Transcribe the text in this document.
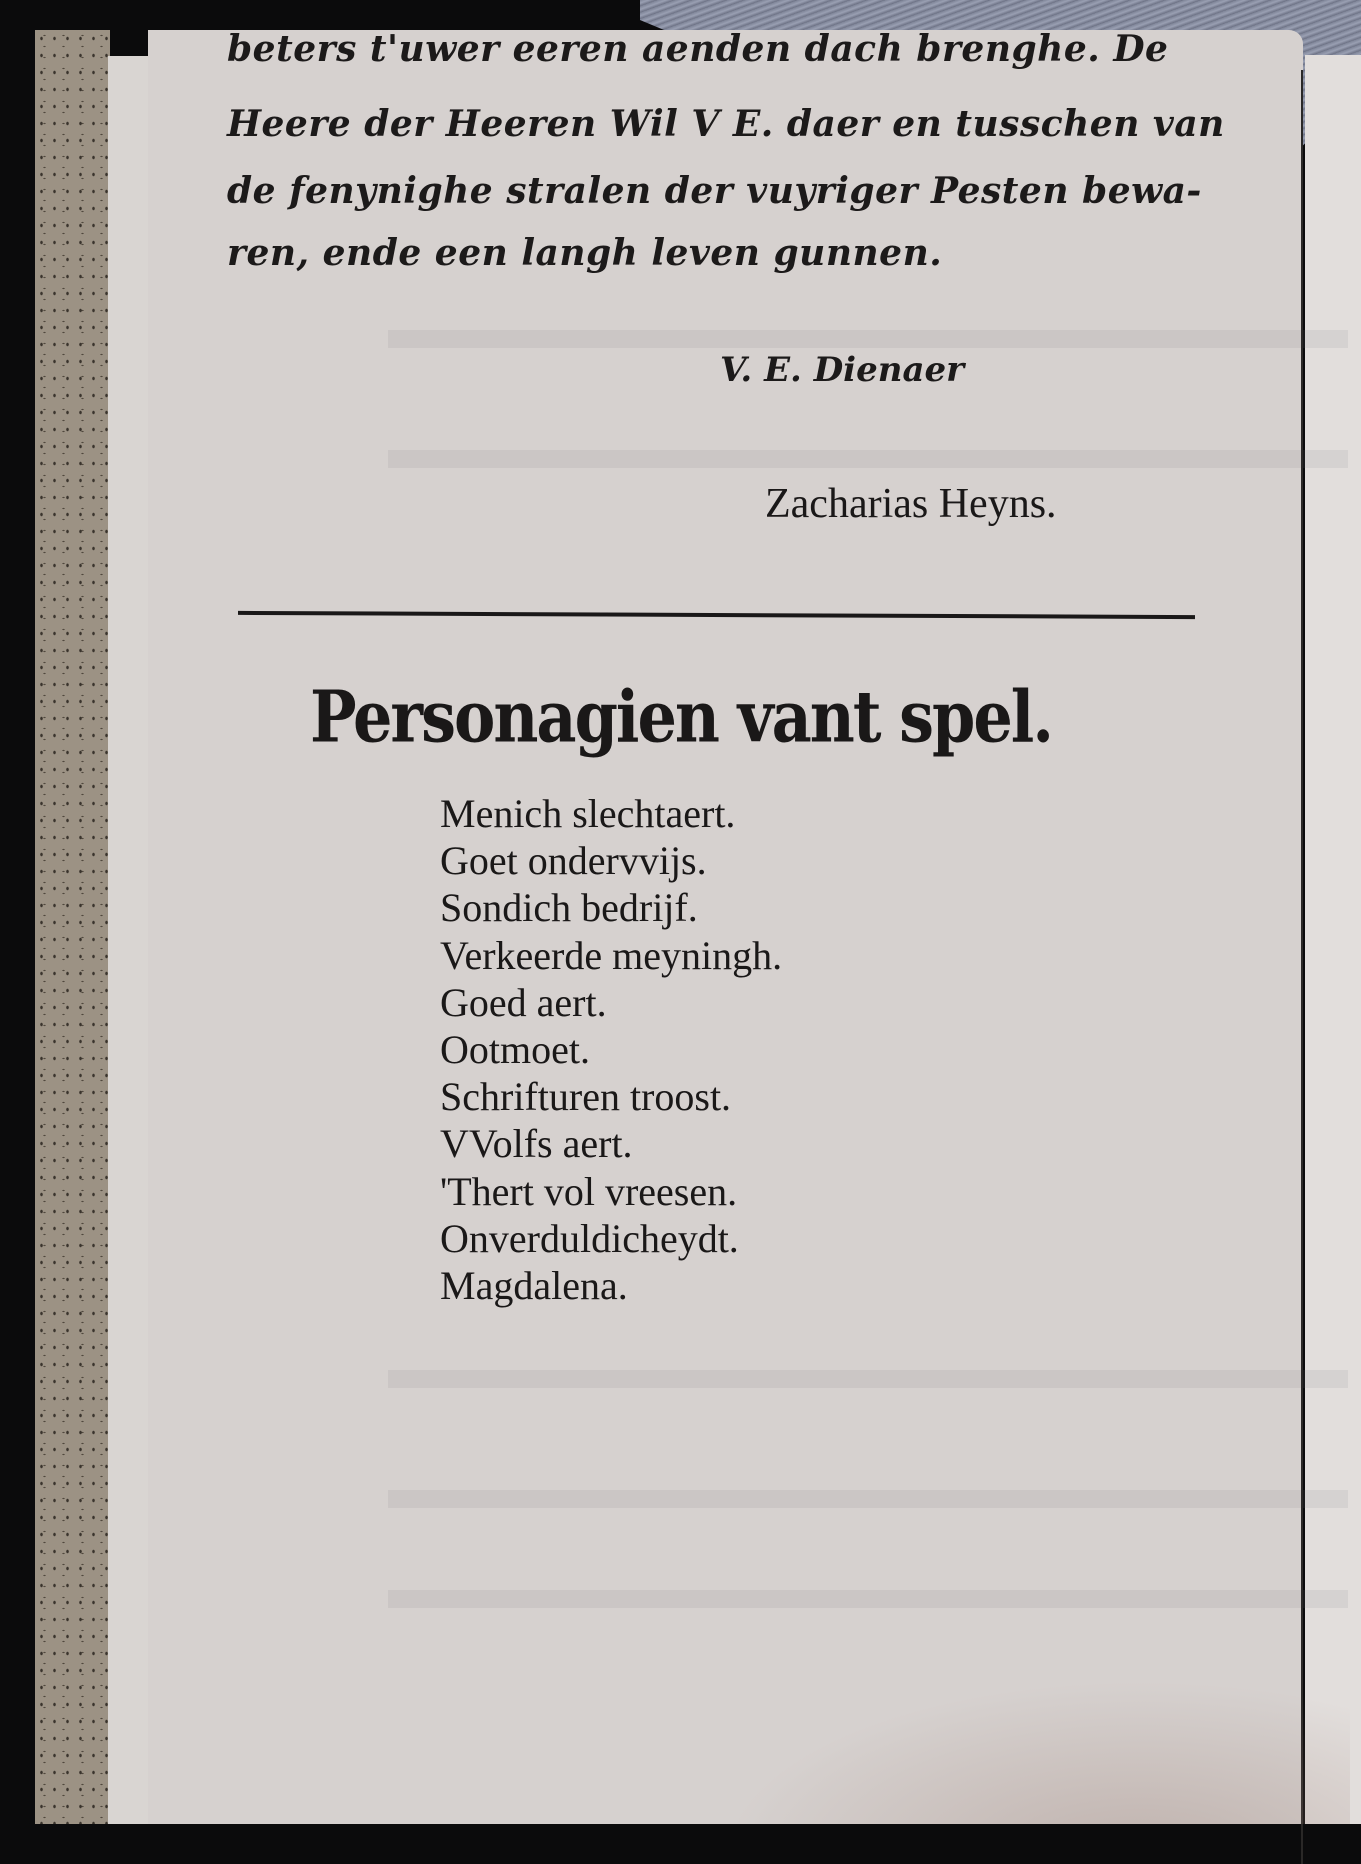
beters t'uwer eeren aenden dach brenghe. De
Heere der Heeren Wil V E. daer en tusschen van
de fenynighe stralen der vuyriger Pesten bewa-
ren, ende een langh leven gunnen.
V. E. Dienaer
Zacharias Heyns.
Personagien vant spel.
Menich slechtaert.
Goet ondervvijs.
Sondich bedrijf.
Verkeerde meyningh.
Goed aert.
Ootmoet.
Schrifturen troost.
VVolfs aert.
'Thert vol vreesen.
Onverduldicheydt.
Magdalena.
